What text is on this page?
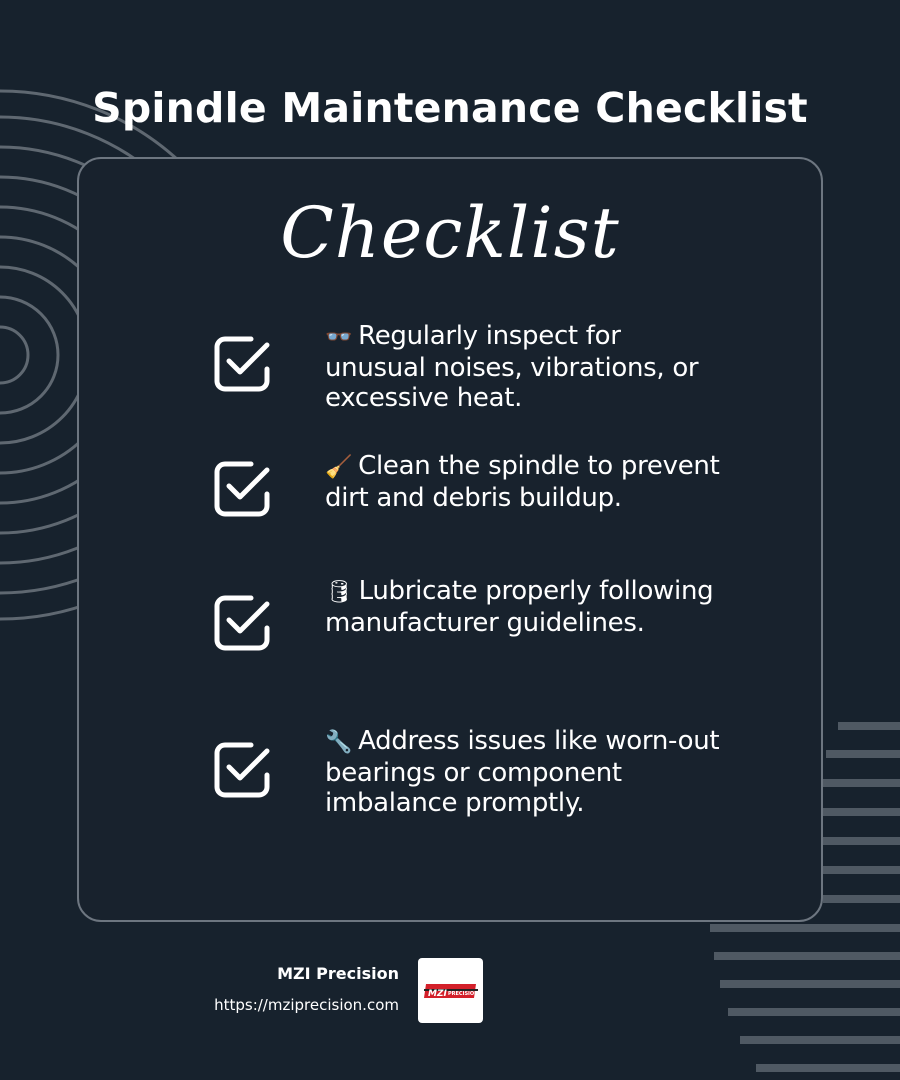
Spindle Maintenance Checklist
Checklist
👓 Regularly inspect for unusual noises, vibrations, or excessive heat.
🧹 Clean the spindle to prevent dirt and debris buildup.
🛢 Lubricate properly following manufacturer guidelines.
🔧 Address issues like worn-out bearings or component imbalance promptly.
MZI Precision
https://mziprecision.com
MZI PRECISION
